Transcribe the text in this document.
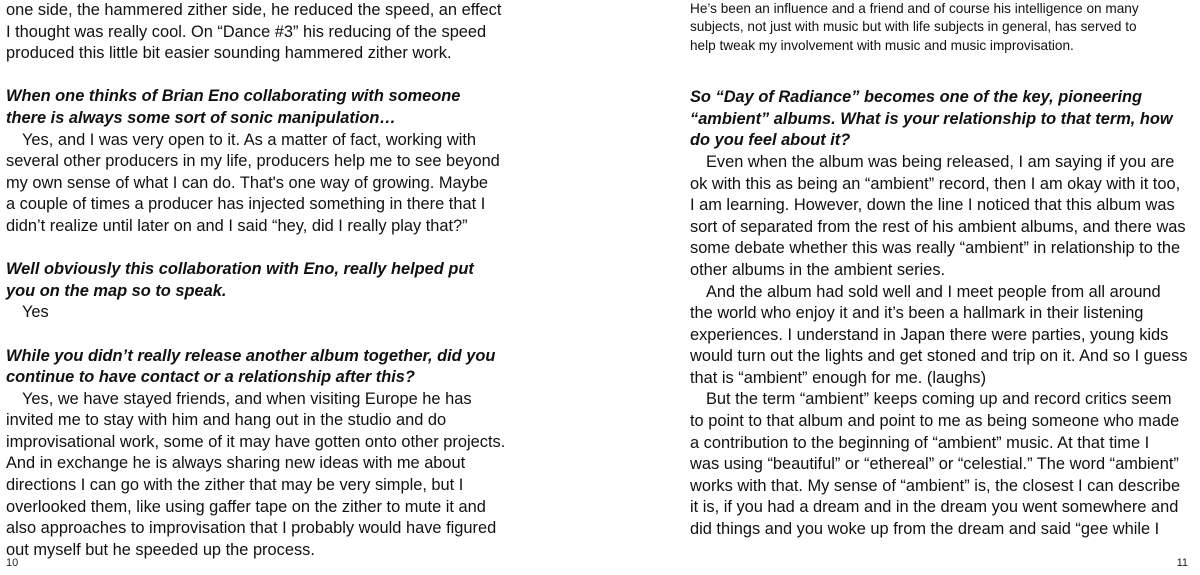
one side, the hammered zither side, he reduced the speed, an effect
I thought was really cool. On “Dance #3” his reducing of the speed
produced this little bit easier sounding hammered zither work.
When one thinks of Brian Eno collaborating with someone
there is always some sort of sonic manipulation…
Yes, and I was very open to it. As a matter of fact, working with
several other producers in my life, producers help me to see beyond
my own sense of what I can do. That's one way of growing. Maybe
a couple of times a producer has injected something in there that I
didn’t realize until later on and I said “hey, did I really play that?”
Well obviously this collaboration with Eno, really helped put
you on the map so to speak.
Yes
While you didn’t really release another album together, did you
continue to have contact or a relationship after this?
Yes, we have stayed friends, and when visiting Europe he has
invited me to stay with him and hang out in the studio and do
improvisational work, some of it may have gotten onto other projects.
And in exchange he is always sharing new ideas with me about
directions I can go with the zither that may be very simple, but I
overlooked them, like using gaffer tape on the zither to mute it and
also approaches to improvisation that I probably would have figured
out myself but he speeded up the process.
10
He’s been an influence and a friend and of course his intelligence on many
subjects, not just with music but with life subjects in general, has served to
help tweak my involvement with music and music improvisation.
So “Day of Radiance” becomes one of the key, pioneering
“ambient” albums. What is your relationship to that term, how
do you feel about it?
Even when the album was being released, I am saying if you are
ok with this as being an “ambient” record, then I am okay with it too,
I am learning. However, down the line I noticed that this album was
sort of separated from the rest of his ambient albums, and there was
some debate whether this was really “ambient” in relationship to the
other albums in the ambient series.
And the album had sold well and I meet people from all around
the world who enjoy it and it’s been a hallmark in their listening
experiences. I understand in Japan there were parties, young kids
would turn out the lights and get stoned and trip on it. And so I guess
that is “ambient” enough for me. (laughs)
But the term “ambient” keeps coming up and record critics seem
to point to that album and point to me as being someone who made
a contribution to the beginning of “ambient” music. At that time I
was using “beautiful” or “ethereal” or “celestial.” The word “ambient”
works with that. My sense of “ambient” is, the closest I can describe
it is, if you had a dream and in the dream you went somewhere and
did things and you woke up from the dream and said “gee while I
11
